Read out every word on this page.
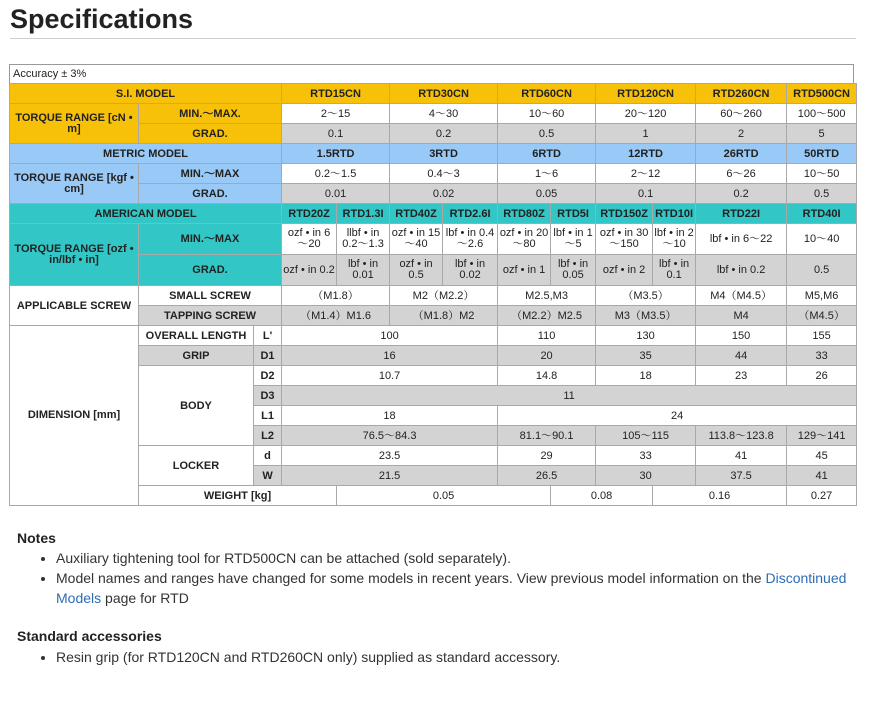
Specifications
Accuracy ± 3%
S.I. MODEL			RTD15CN		RTD30CN		RTD60CN		RTD120CN		RTD260CN	RTD500CN	
TORQUE RANGE [cN • m]	MIN.～MAX.		2～15		4～30		10～60		20～120		60～260	100～500	
	GRAD.		0.1		0.2		0.5		1		2	5	
METRIC MODEL			1.5RTD		3RTD		6RTD		12RTD		26RTD	50RTD	
TORQUE RANGE [kgf • cm]	MIN.～MAX		0.2～1.5		0.4～3		1～6		2～12		6～26	10～50	
	GRAD.		0.01		0.02		0.05		0.1		0.2	0.5	
AMERICAN MODEL			RTD20Z	RTD1.3I	RTD40Z	RTD2.6I	RTD80Z	RTD5I	RTD150Z	RTD10I	RTD22I	RTD40I	
TORQUE RANGE [ozf • in/lbf • in]	MIN.～MAX		ozf • in 6～20	llbf • in 0.2～1.3	ozf • in 15～40	lbf • in 0.4～2.6	ozf • in 20～80	lbf • in 1～5	ozf • in 30～150	lbf • in 2～10	lbf • in 6～22	10～40	
	GRAD.		ozf • in 0.2	lbf • in 0.01	ozf • in 0.5	lbf • in 0.02	ozf • in 1	lbf • in 0.05	ozf • in 2	lbf • in 0.1	lbf • in 0.2	0.5	
APPLICABLE SCREW	SMALL SCREW		（M1.8）		M2（M2.2）		M2.5,M3		（M3.5）		M4（M4.5）	M5,M6	
	TAPPING SCREW		（M1.4）M1.6		（M1.8）M2		（M2.2）M2.5		M3（M3.5）		M4	（M4.5）	
DIMENSION [mm]	OVERALL LENGTH	L'	100				110		130		150	155	
	GRIP	D1	16				20		35		44	33	
	BODY	D2	10.7				14.8		18		23	26	
		D3	11										
		L1	18				24						
		L2	76.5～84.3				81.1～90.1		105～115		113.8～123.8	129～141	
	LOCKER	d	23.5				29		33		41	45	
		W	21.5				26.5		30		37.5	41	
	WEIGHT [kg]			0.05				0.08		0.16		0.27	
Notes
• Auxiliary tightening tool for RTD500CN can be attached (sold separately).
• Model names and ranges have changed for some models in recent years. View previous model information on the Discontinued Models page for RTD
Standard accessories
• Resin grip (for RTD120CN and RTD260CN only) supplied as standard accessory.
